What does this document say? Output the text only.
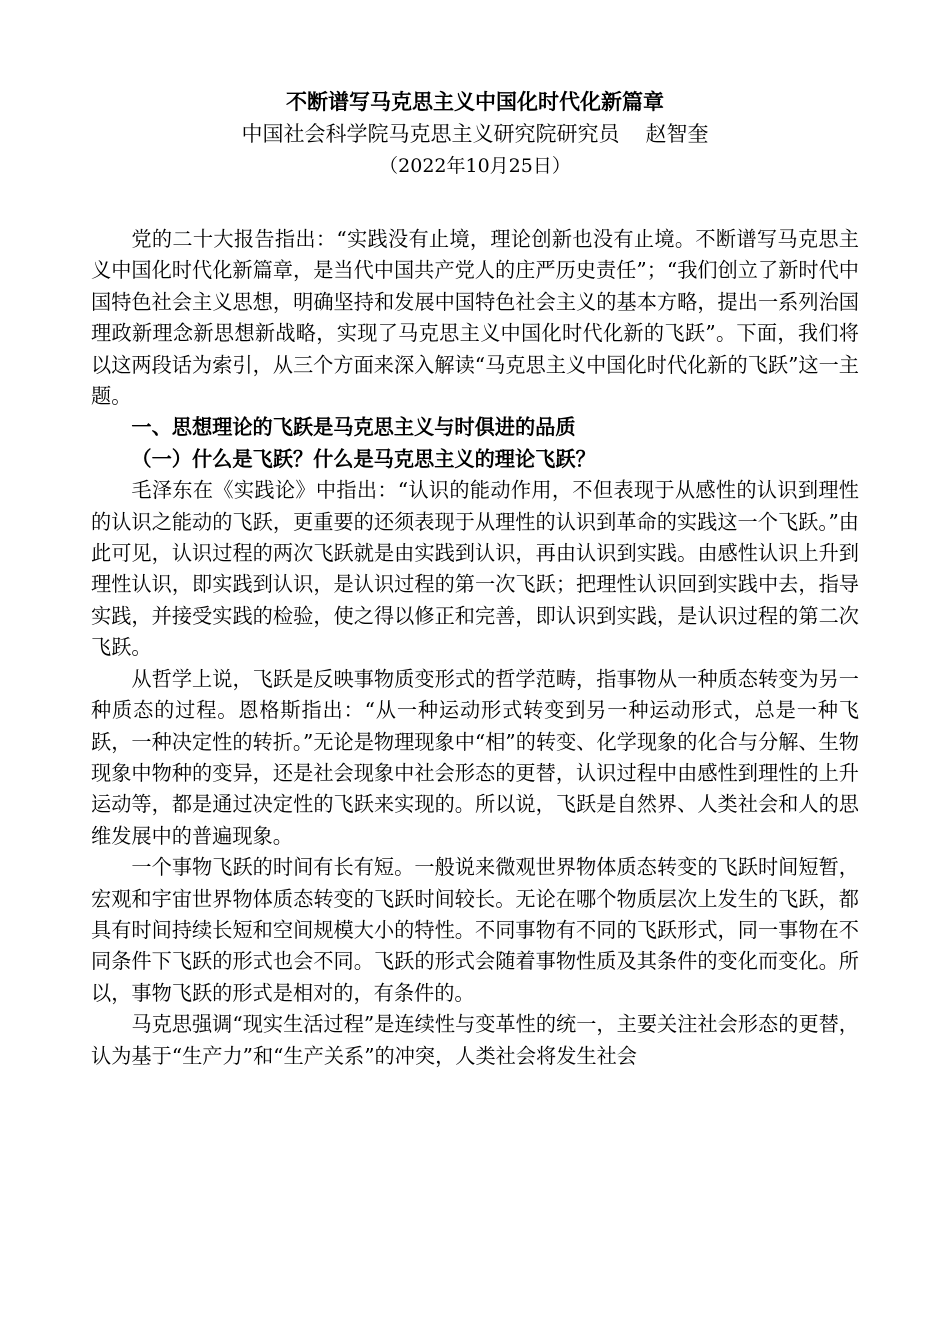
不断谱写马克思主义中国化时代化新篇章

中国社会科学院马克思主义研究院研究员 赵智奎

（2022年10月25日）

党的二十大报告指出：“实践没有止境，理论创新也没有止境。不断谱写马克思主义中国化时代化新篇章，是当代中国共产党人的庄严历史责任”；“我们创立了新时代中国特色社会主义思想，明确坚持和发展中国特色社会主义的基本方略，提出一系列治国理政新理念新思想新战略，实现了马克思主义中国化时代化新的飞跃”。下面，我们将以这两段话为索引，从三个方面来深入解读“马克思主义中国化时代化新的飞跃”这一主题。

一、思想理论的飞跃是马克思主义与时俱进的品质

（一）什么是飞跃？什么是马克思主义的理论飞跃？

毛泽东在《实践论》中指出：“认识的能动作用，不但表现于从感性的认识到理性的认识之能动的飞跃，更重要的还须表现于从理性的认识到革命的实践这一个飞跃。”由此可见，认识过程的两次飞跃就是由实践到认识，再由认识到实践。由感性认识上升到理性认识，即实践到认识，是认识过程的第一次飞跃；把理性认识回到实践中去，指导实践，并接受实践的检验，使之得以修正和完善，即认识到实践，是认识过程的第二次飞跃。

从哲学上说，飞跃是反映事物质变形式的哲学范畴，指事物从一种质态转变为另一种质态的过程。恩格斯指出：“从一种运动形式转变到另一种运动形式，总是一种飞跃，一种决定性的转折。”无论是物理现象中“相”的转变、化学现象的化合与分解、生物现象中物种的变异，还是社会现象中社会形态的更替，认识过程中由感性到理性的上升运动等，都是通过决定性的飞跃来实现的。所以说，飞跃是自然界、人类社会和人的思维发展中的普遍现象。

一个事物飞跃的时间有长有短。一般说来微观世界物体质态转变的飞跃时间短暂，宏观和宇宙世界物体质态转变的飞跃时间较长。无论在哪个物质层次上发生的飞跃，都具有时间持续长短和空间规模大小的特性。不同事物有不同的飞跃形式，同一事物在不同条件下飞跃的形式也会不同。飞跃的形式会随着事物性质及其条件的变化而变化。所以，事物飞跃的形式是相对的，有条件的。

马克思强调“现实生活过程”是连续性与变革性的统一，主要关注社会形态的更替，认为基于“生产力”和“生产关系”的冲突，人类社会将发生社会
